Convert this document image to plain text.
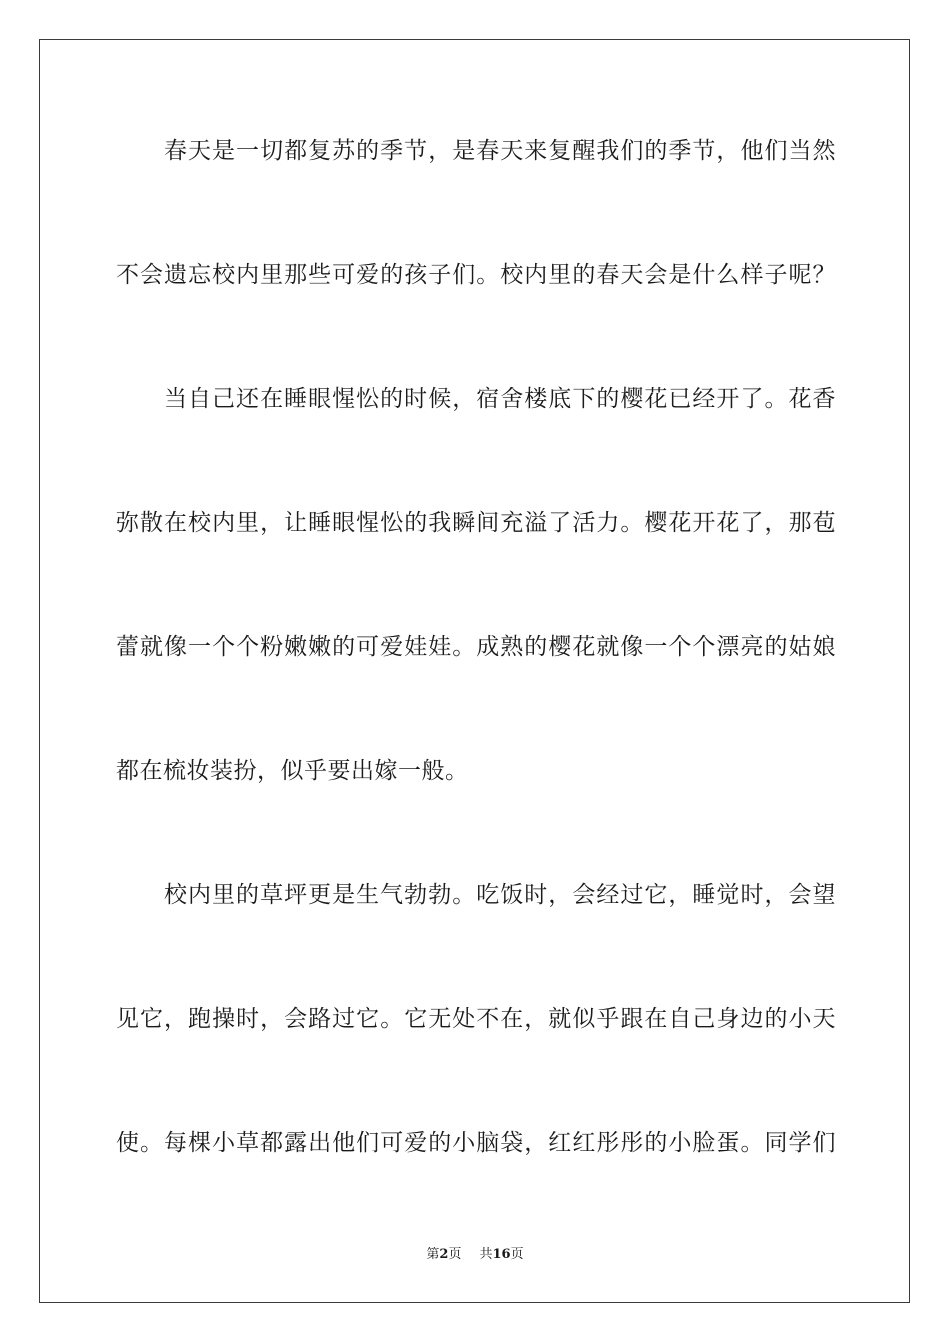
春天是一切都复苏的季节，是春天来复醒我们的季节，他们当然
不会遗忘校内里那些可爱的孩子们。校内里的春天会是什么样子呢？
当自己还在睡眼惺忪的时候，宿舍楼底下的樱花已经开了。花香
弥散在校内里，让睡眼惺忪的我瞬间充溢了活力。樱花开花了，那苞
蕾就像一个个粉嫩嫩的可爱娃娃。成熟的樱花就像一个个漂亮的姑娘
都在梳妆装扮，似乎要出嫁一般。
校内里的草坪更是生气勃勃。吃饭时，会经过它，睡觉时，会望
见它，跑操时，会路过它。它无处不在，就似乎跟在自己身边的小天
使。每棵小草都露出他们可爱的小脑袋，红红彤彤的小脸蛋。同学们
第2页 共16页
